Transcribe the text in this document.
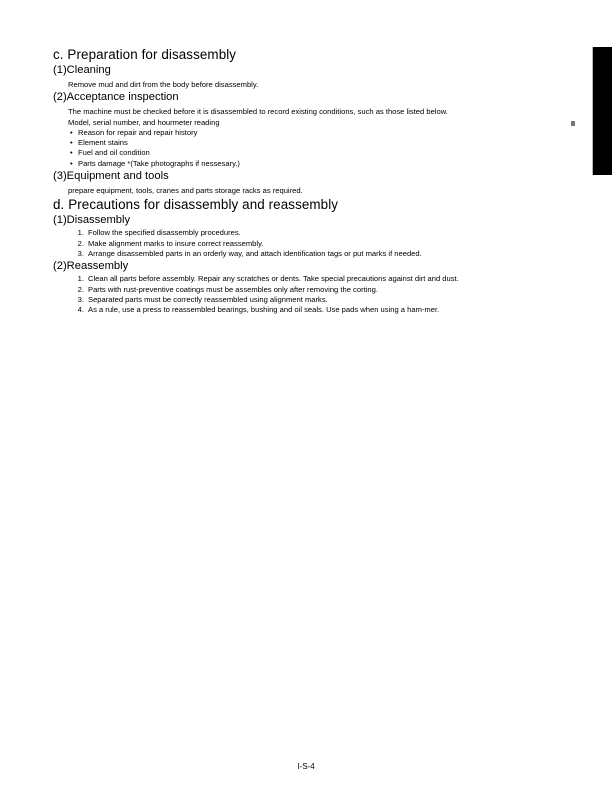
c. Preparation for disassembly
(1)Cleaning

Remove mud and dirt from the body before disassembly.

(2)Acceptance inspection

The machine must be checked before it is disassembled to record existing conditions, such as those listed below.

Model, serial number, and hourmeter reading

• Reason for repair and repair history
• Element stains
• Fuel and oil condition
• Parts damage *(Take photographs if nessesary.)
(3)Equipment and tools

prepare equipment, tools, cranes and parts storage racks as required.

d. Precautions for disassembly and reassembly
(1)Disassembly
1. Follow the specified disassembly procedures.
2. Make alignment marks to insure correct reassembly.
3. Arrange disassembled parts in an orderly way, and attach identification tags or put marks if needed.
(2)Reassembly
1. Clean all parts before assembly. Repair any scratches or dents. Take special precautions against dirt and dust.
2. Parts with rust-preventive coatings must be assembles only after removing the corting.
3. Separated parts must be correctly reassembled using alignment marks.
4. As a rule, use a press to reassembled bearings, bushing and oil seals. Use pads when using a ham-mer.
I-S-4
